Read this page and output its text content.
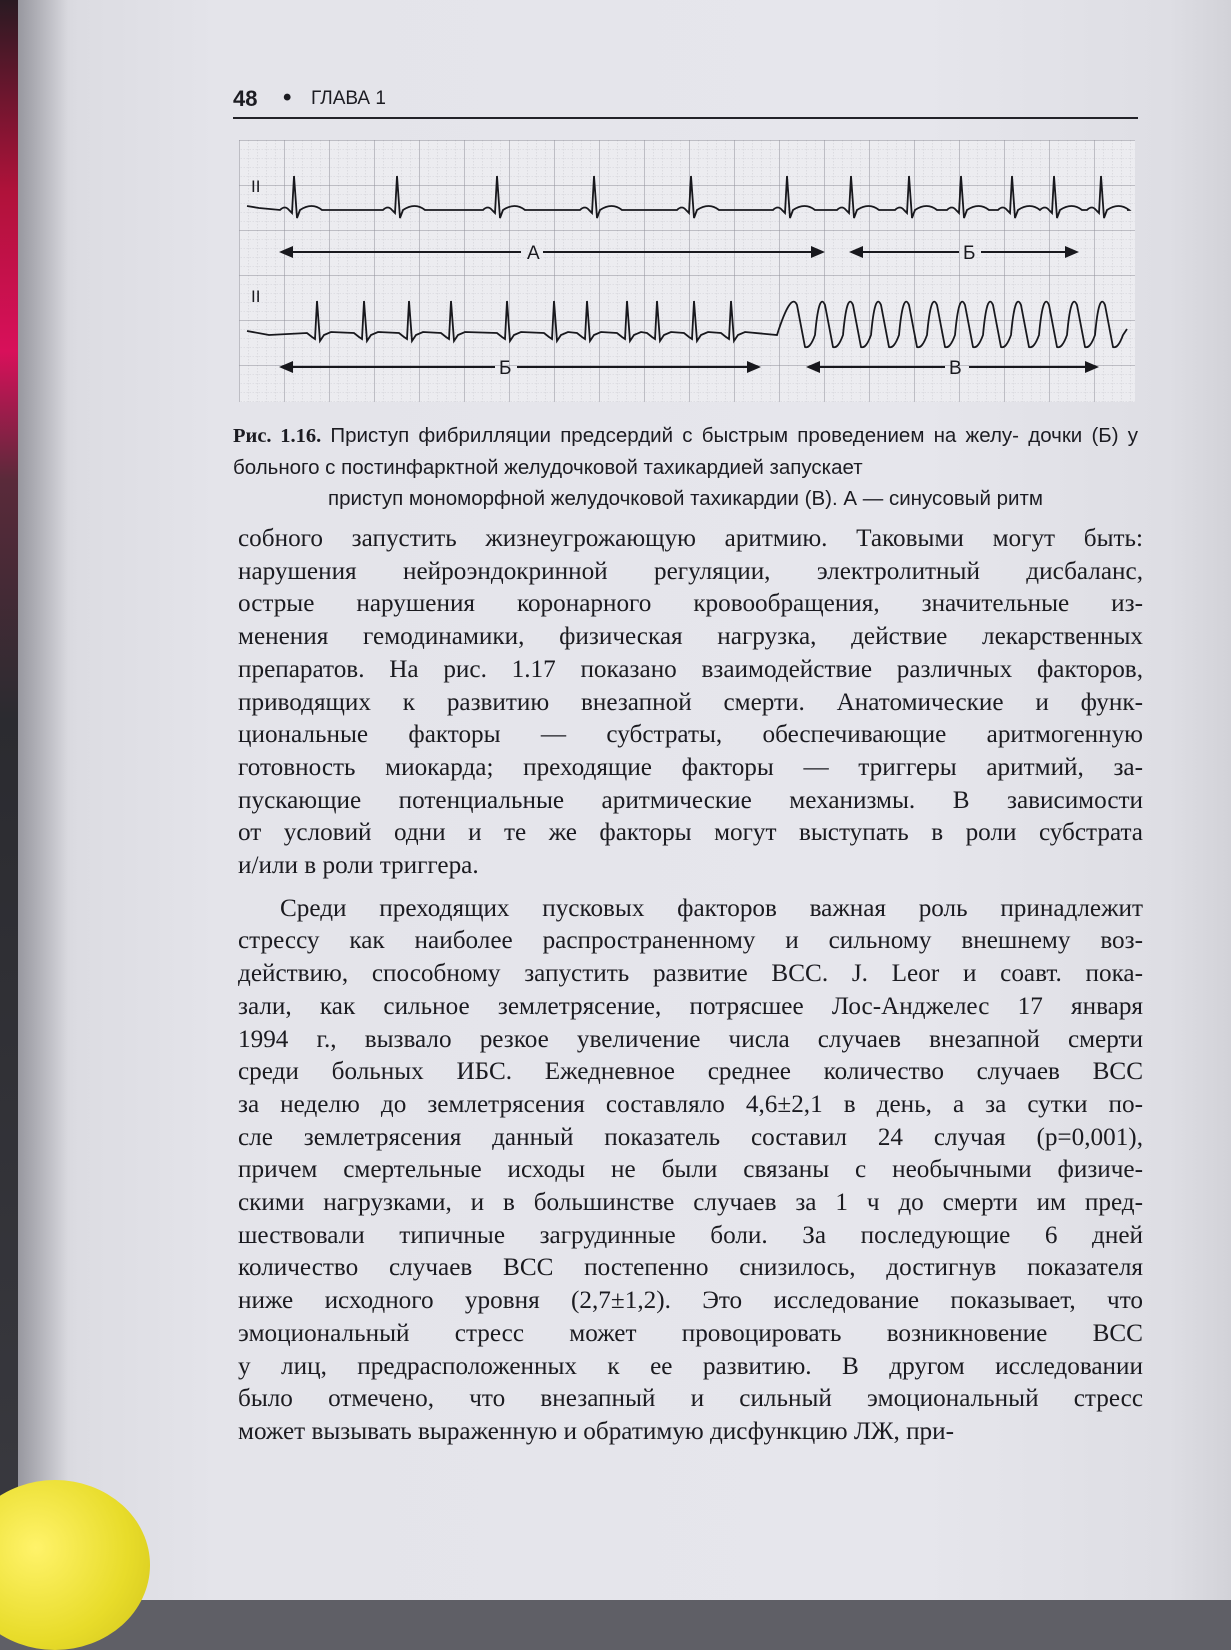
48 • ГЛАВА 1
II
А	Б
II
Б	В
Рис. 1.16. Приступ фибрилляции предсердий с быстрым проведением на желу- дочки (Б) у больного с постинфарктной желудочковой тахикардией запускает
приступ мономорфной желудочковой тахикардии (В). А — синусовый ритм
собного запустить жизнеугрожающую аритмию. Таковыми могут быть:
нарушения нейроэндокринной регуляции, электролитный дисбаланс,
острые нарушения коронарного кровообращения, значительные из-
менения гемодинамики, физическая нагрузка, действие лекарственных
препаратов. На рис. 1.17 показано взаимодействие различных факторов,
приводящих к развитию внезапной смерти. Анатомические и функ-
циональные факторы — субстраты, обеспечивающие аритмогенную
готовность миокарда; преходящие факторы — триггеры аритмий, за-
пускающие потенциальные аритмические механизмы. В зависимости
от условий одни и те же факторы могут выступать в роли субстрата
и/или в роли триггера.
Среди преходящих пусковых факторов важная роль принадлежит
стрессу как наиболее распространенному и сильному внешнему воз-
действию, способному запустить развитие ВСС. J. Leor и соавт. пока-
зали, как сильное землетрясение, потрясшее Лос-Анджелес 17 января
1994 г., вызвало резкое увеличение числа случаев внезапной смерти
среди больных ИБС. Ежедневное среднее количество случаев ВСС
за неделю до землетрясения составляло 4,6±2,1 в день, а за сутки по-
сле землетрясения данный показатель составил 24 случая (p=0,001),
причем смертельные исходы не были связаны с необычными физиче-
скими нагрузками, и в большинстве случаев за 1 ч до смерти им пред-
шествовали типичные загрудинные боли. За последующие 6 дней
количество случаев ВСС постепенно снизилось, достигнув показателя
ниже исходного уровня (2,7±1,2). Это исследование показывает, что
эмоциональный стресс может провоцировать возникновение ВСС
у лиц, предрасположенных к ее развитию. В другом исследовании
было отмечено, что внезапный и сильный эмоциональный стресс
может вызывать выраженную и обратимую дисфункцию ЛЖ, при-
